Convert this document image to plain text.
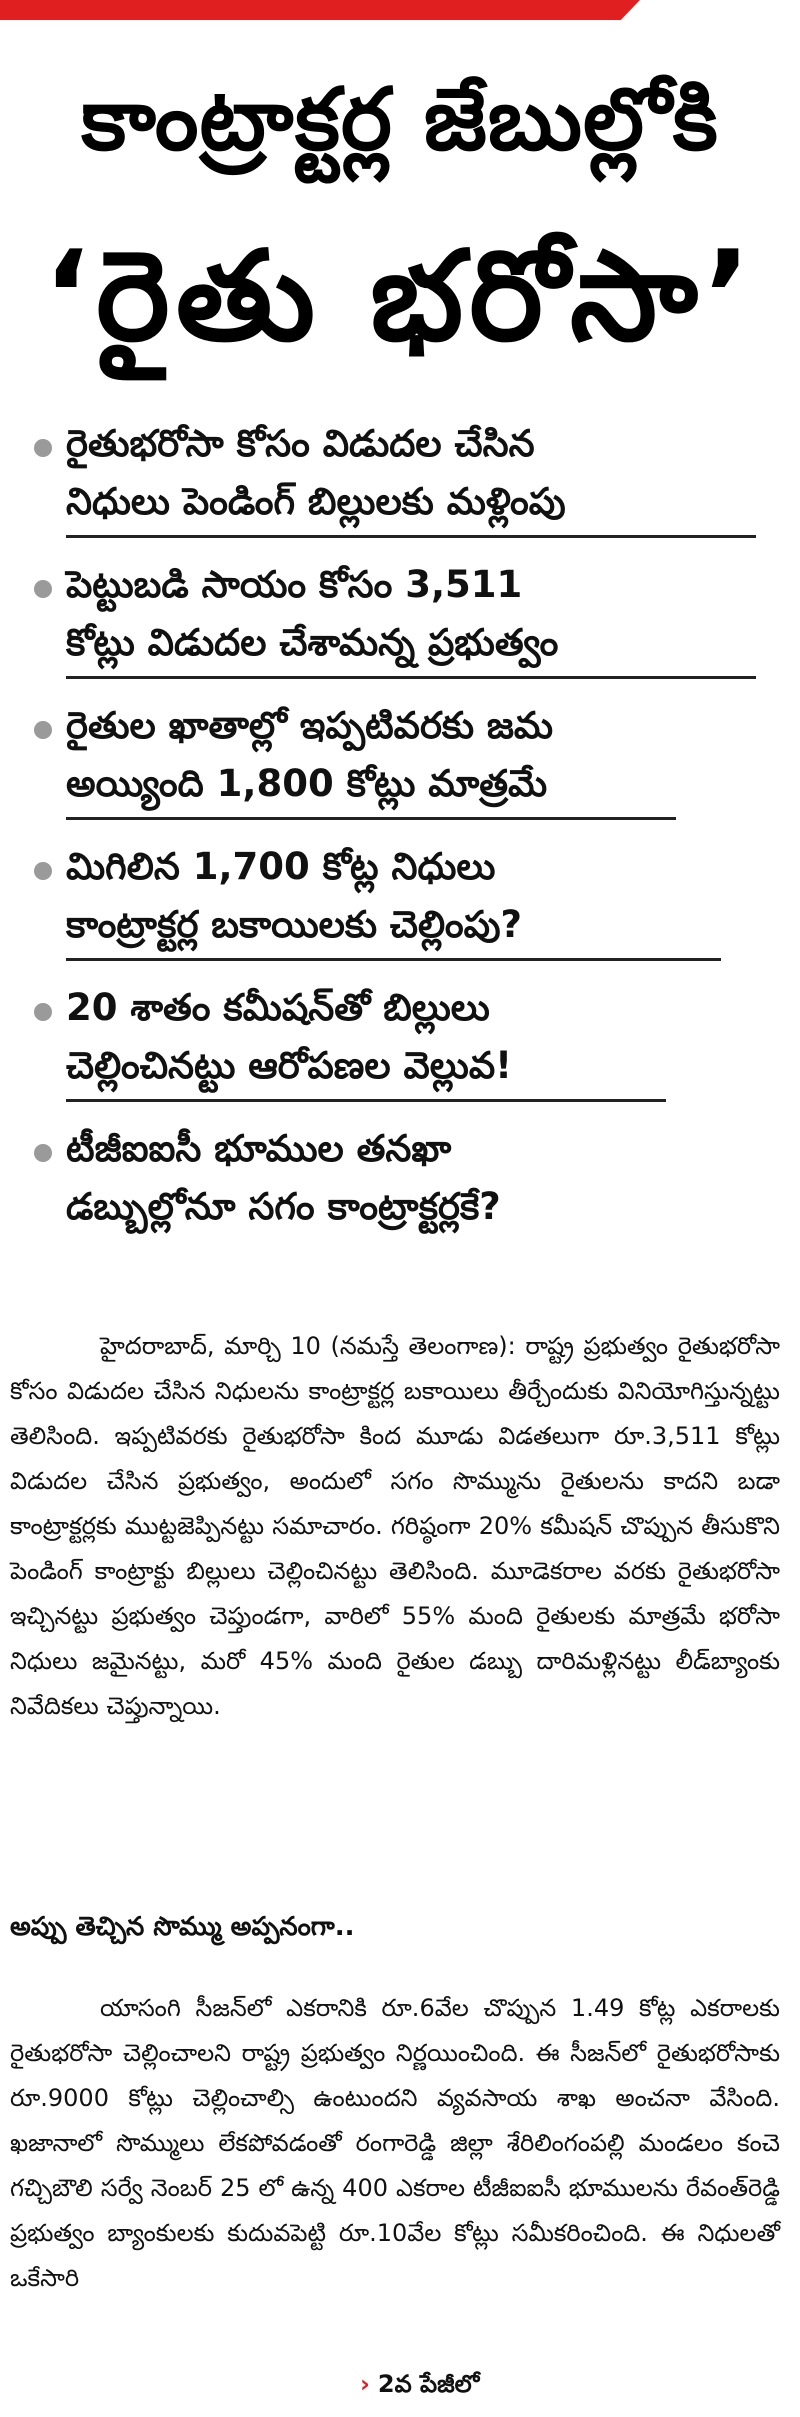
కాంట్రాక్టర్ల జేబుల్లోకి
‘రైతు భరోసా’
రైతుభరోసా కోసం విడుదల చేసిన
నిధులు పెండింగ్ బిల్లులకు మళ్లింపు
పెట్టుబడి సాయం కోసం 3,511
కోట్లు విడుదల చేశామన్న ప్రభుత్వం
రైతుల ఖాతాల్లో ఇప్పటివరకు జమ
అయ్యింది 1,800 కోట్లు మాత్రమే
మిగిలిన 1,700 కోట్ల నిధులు
కాంట్రాక్టర్ల బకాయిలకు చెల్లింపు?
20 శాతం కమీషన్‌తో బిల్లులు
చెల్లించినట్టు ఆరోపణల వెల్లువ!
టీజీఐఐసీ భూముల తనఖా
డబ్బుల్లోనూ సగం కాంట్రాక్టర్లకే?

హైదరాబాద్, మార్చి 10 (నమస్తే తెలంగాణ): రాష్ట్ర ప్రభుత్వం రైతుభరోసా కోసం విడుదల చేసిన నిధులను కాంట్రాక్టర్ల బకాయిలు తీర్చేందుకు వినియోగిస్తున్నట్టు తెలిసింది. ఇప్పటివరకు రైతుభరోసా కింద మూడు విడతలుగా రూ.3,511 కోట్లు విడుదల చేసిన ప్రభుత్వం, అందులో సగం సొమ్మును రైతులను కాదని బడా కాంట్రాక్టర్లకు ముట్టజెప్పినట్టు సమాచారం. గరిష్ఠంగా 20% కమీషన్ చొప్పున తీసుకొని పెండింగ్ కాంట్రాక్టు బిల్లులు చెల్లించినట్టు తెలిసింది. మూడెకరాల వరకు రైతుభరోసా ఇచ్చినట్టు ప్రభుత్వం చెప్తుండగా, వారిలో 55% మంది రైతులకు మాత్రమే భరోసా నిధులు జమైనట్టు, మరో 45% మంది రైతుల డబ్బు దారిమళ్లినట్టు లీడ్‌బ్యాంకు నివేదికలు చెప్తున్నాయి.

అప్పు తెచ్చిన సొమ్ము అప్పనంగా..

యాసంగి సీజన్‌లో ఎకరానికి రూ.6వేల చొప్పున 1.49 కోట్ల ఎకరాలకు రైతుభరోసా చెల్లించాలని రాష్ట్ర ప్రభుత్వం నిర్ణయించింది. ఈ సీజన్‌లో రైతుభరోసాకు రూ.9000 కోట్లు చెల్లించాల్సి ఉంటుందని వ్యవసాయ శాఖ అంచనా వేసింది. ఖజానాలో సొమ్ములు లేకపోవడంతో రంగారెడ్డి జిల్లా శేరిలింగంపల్లి మండలం కంచె గచ్చిబౌలి సర్వే నెంబర్ 25 లో ఉన్న 400 ఎకరాల టీజీఐఐసీ భూములను రేవంత్‌రెడ్డి ప్రభుత్వం బ్యాంకులకు కుదువపెట్టి రూ.10వేల కోట్లు సమీకరించింది. ఈ నిధులతో ఒకేసారి

› 2వ పేజీలో
